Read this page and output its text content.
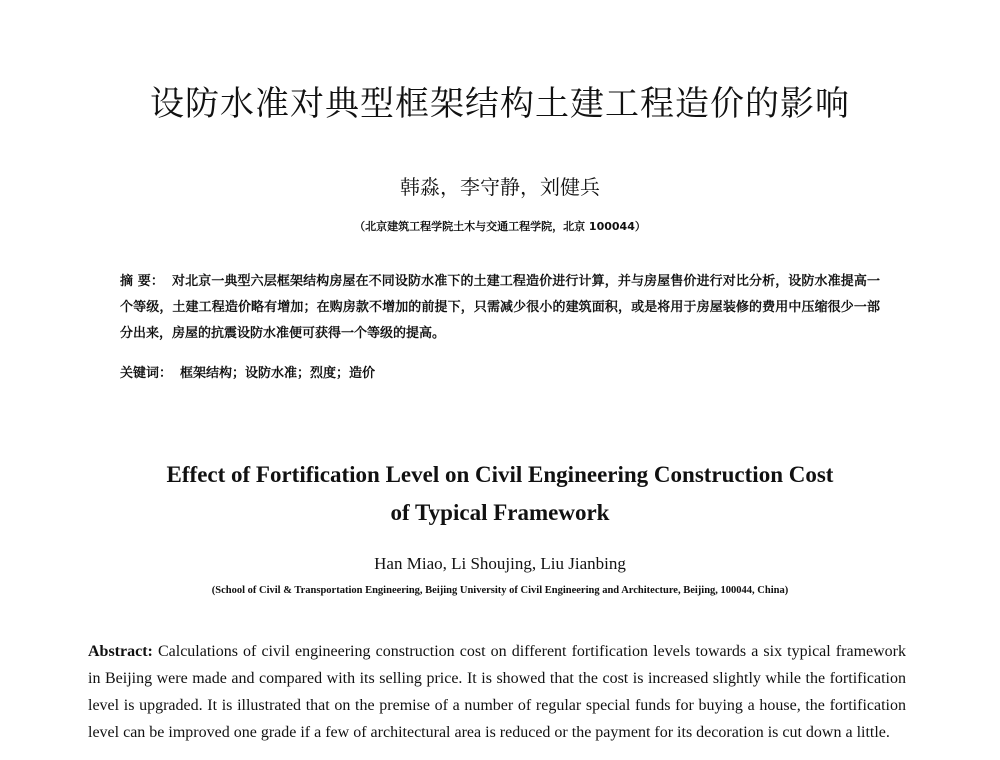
设防水准对典型框架结构土建工程造价的影响
韩淼，李守静，刘健兵
（北京建筑工程学院土木与交通工程学院，北京 100044）
摘 要： 对北京一典型六层框架结构房屋在不同设防水准下的土建工程造价进行计算，并与房屋售价进行对比分析，设防水准提高一个等级，土建工程造价略有增加；在购房款不增加的前提下，只需减少很小的建筑面积，或是将用于房屋装修的费用中压缩很少一部分出来，房屋的抗震设防水准便可获得一个等级的提高。
关键词： 框架结构；设防水准；烈度；造价
Effect of Fortification Level on Civil Engineering Construction Cost
of Typical Framework
Han Miao, Li Shoujing, Liu Jianbing
(School of Civil & Transportation Engineering, Beijing University of Civil Engineering and Architecture, Beijing, 100044, China)
Abstract: Calculations of civil engineering construction cost on different fortification levels towards a six typical framework in Beijing were made and compared with its selling price. It is showed that the cost is increased slightly while the fortification level is upgraded. It is illustrated that on the premise of a number of regular special funds for buying a house, the fortification level can be improved one grade if a few of architectural area is reduced or the payment for its decoration is cut down a little.
